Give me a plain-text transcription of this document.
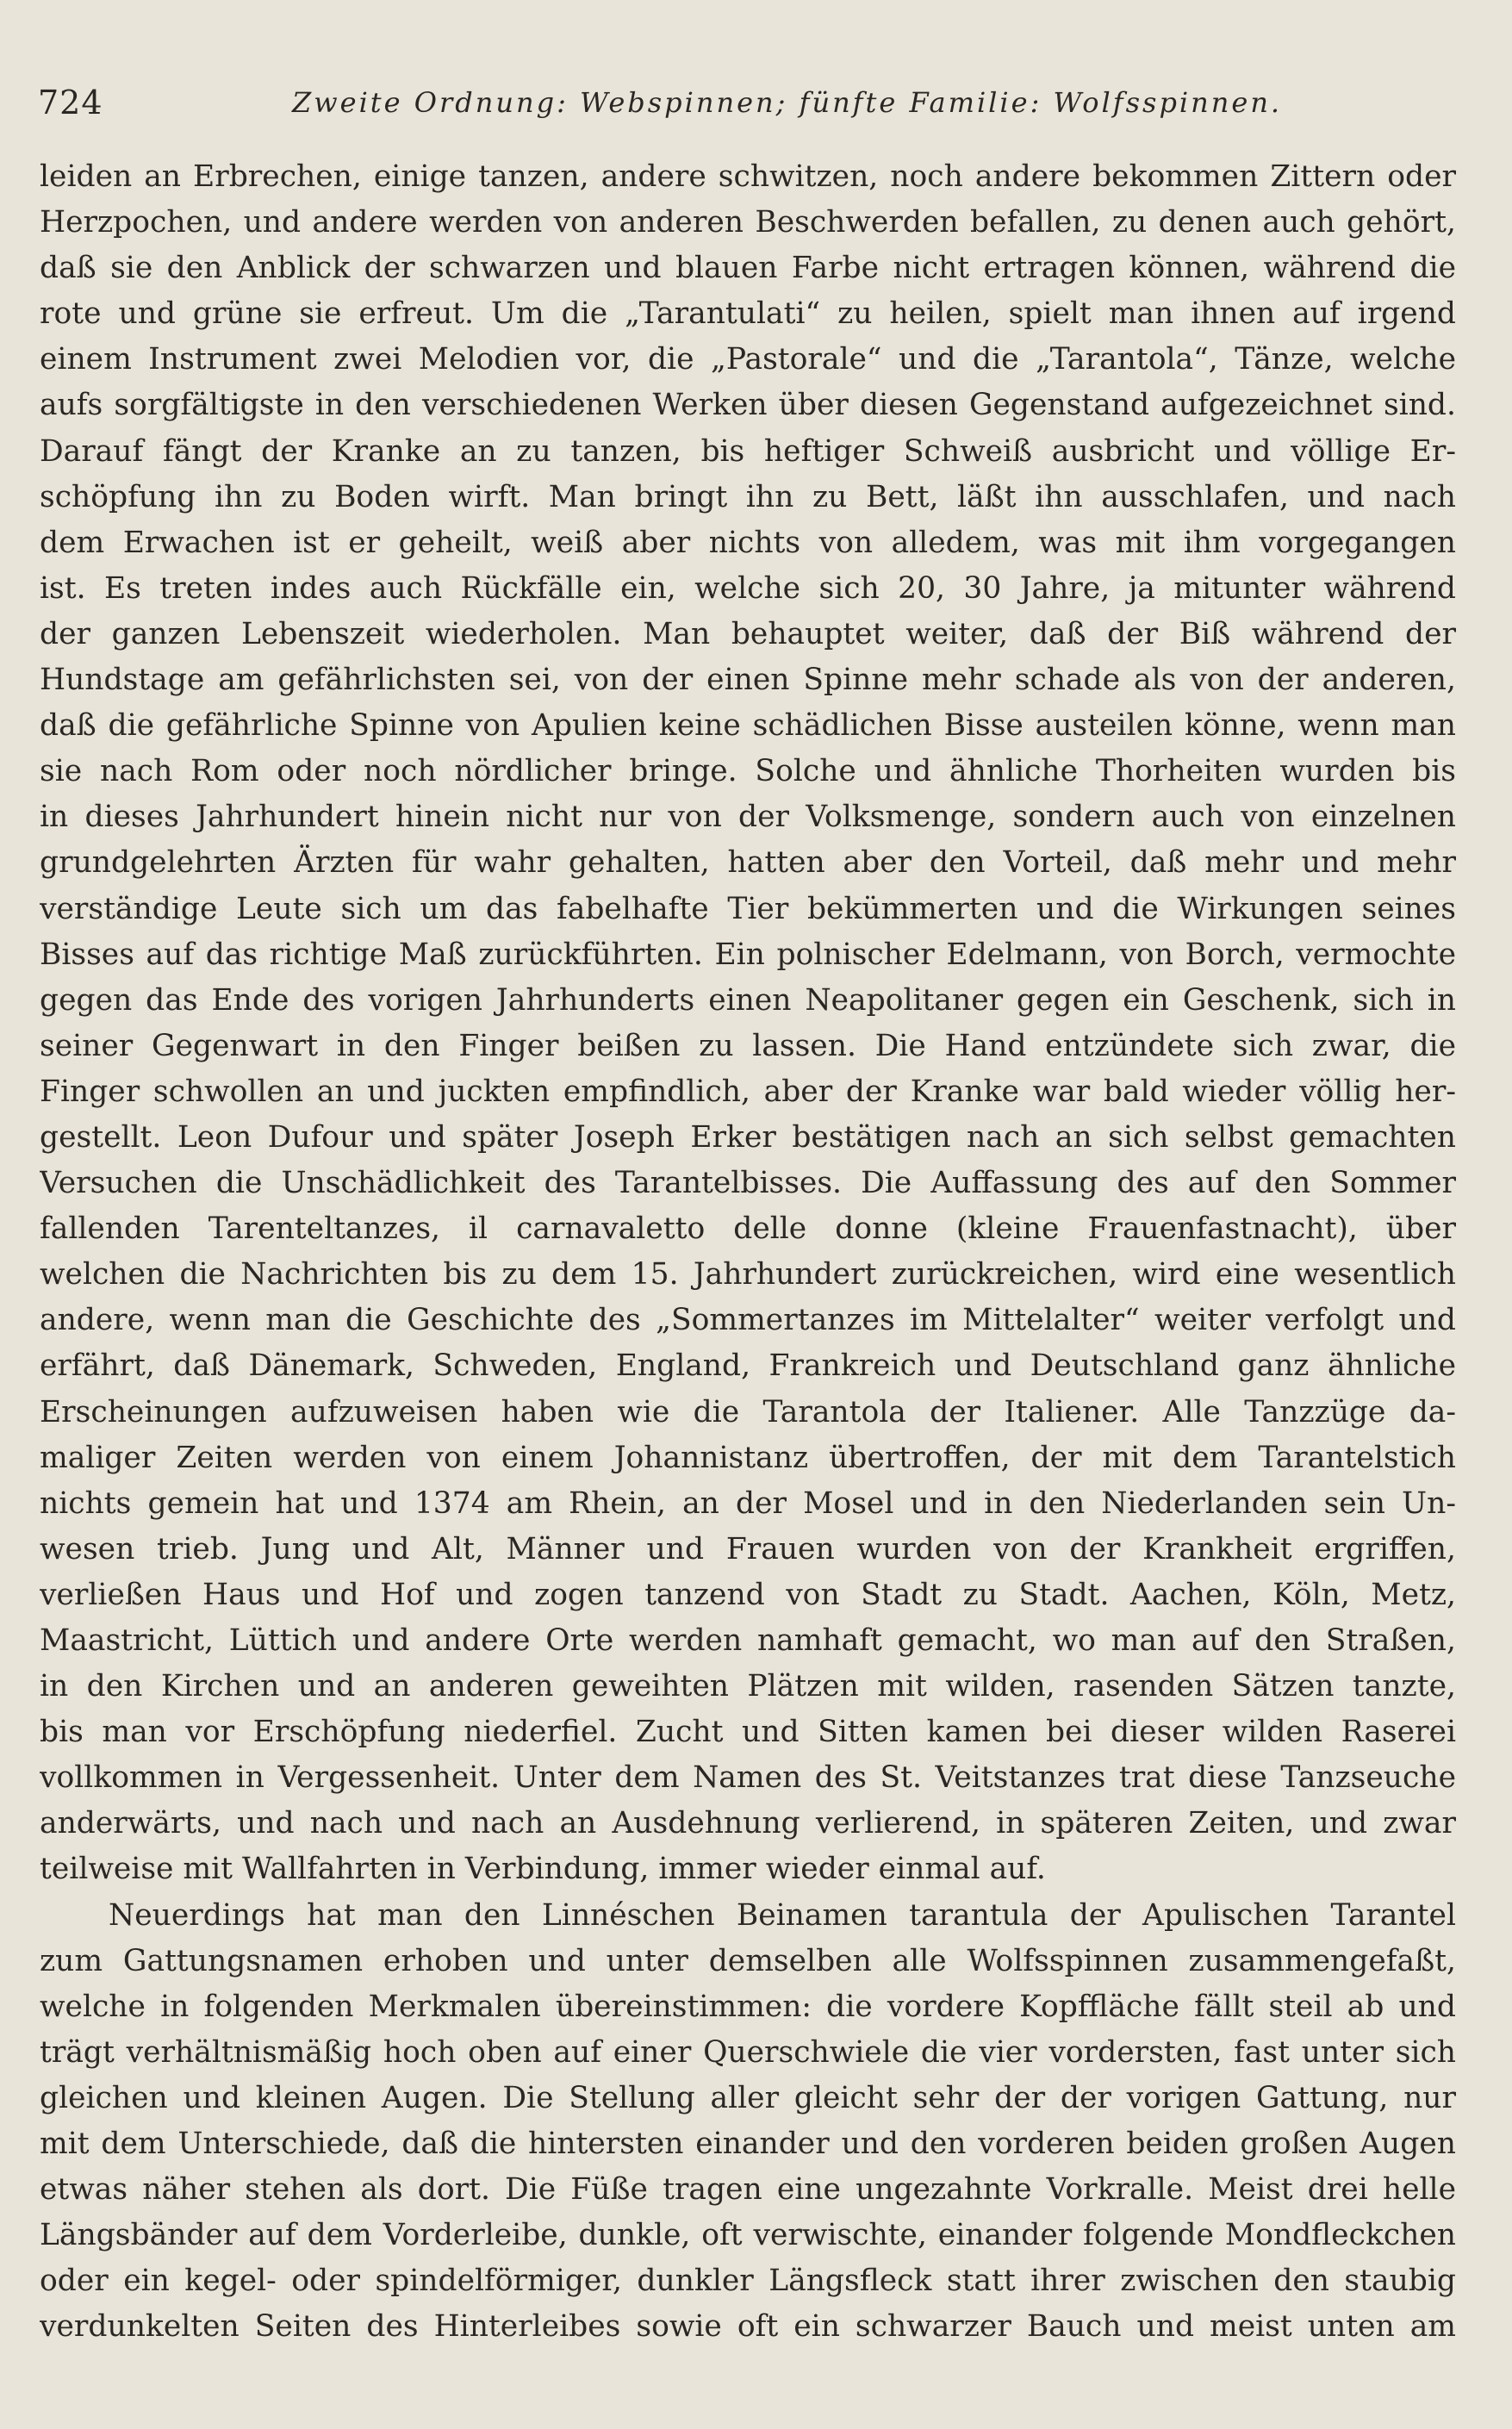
724	Zweite Ordnung: Webspinnen; fünfte Familie: Wolfsspinnen.
leiden an Erbrechen, einige tanzen, andere schwitzen, noch andere bekommen Zittern oder
Herzpochen, und andere werden von anderen Beschwerden befallen, zu denen auch gehört,
daß sie den Anblick der schwarzen und blauen Farbe nicht ertragen können, während die
rote und grüne sie erfreut. Um die „Tarantulati“ zu heilen, spielt man ihnen auf irgend
einem Instrument zwei Melodien vor, die „Pastorale“ und die „Tarantola“, Tänze, welche
aufs sorgfältigste in den verschiedenen Werken über diesen Gegenstand aufgezeichnet sind.
Darauf fängt der Kranke an zu tanzen, bis heftiger Schweiß ausbricht und völlige Er-
schöpfung ihn zu Boden wirft. Man bringt ihn zu Bett, läßt ihn ausschlafen, und nach
dem Erwachen ist er geheilt, weiß aber nichts von alledem, was mit ihm vorgegangen
ist. Es treten indes auch Rückfälle ein, welche sich 20, 30 Jahre, ja mitunter während
der ganzen Lebenszeit wiederholen. Man behauptet weiter, daß der Biß während der
Hundstage am gefährlichsten sei, von der einen Spinne mehr schade als von der anderen,
daß die gefährliche Spinne von Apulien keine schädlichen Bisse austeilen könne, wenn man
sie nach Rom oder noch nördlicher bringe. Solche und ähnliche Thorheiten wurden bis
in dieses Jahrhundert hinein nicht nur von der Volksmenge, sondern auch von einzelnen
grundgelehrten Ärzten für wahr gehalten, hatten aber den Vorteil, daß mehr und mehr
verständige Leute sich um das fabelhafte Tier bekümmerten und die Wirkungen seines
Bisses auf das richtige Maß zurückführten. Ein polnischer Edelmann, von Borch, vermochte
gegen das Ende des vorigen Jahrhunderts einen Neapolitaner gegen ein Geschenk, sich in
seiner Gegenwart in den Finger beißen zu lassen. Die Hand entzündete sich zwar, die
Finger schwollen an und juckten empfindlich, aber der Kranke war bald wieder völlig her-
gestellt. Leon Dufour und später Joseph Erker bestätigen nach an sich selbst gemachten
Versuchen die Unschädlichkeit des Tarantelbisses. Die Auffassung des auf den Sommer
fallenden Tarenteltanzes, il carnavaletto delle donne (kleine Frauenfastnacht), über
welchen die Nachrichten bis zu dem 15. Jahrhundert zurückreichen, wird eine wesentlich
andere, wenn man die Geschichte des „Sommertanzes im Mittelalter“ weiter verfolgt und
erfährt, daß Dänemark, Schweden, England, Frankreich und Deutschland ganz ähnliche
Erscheinungen aufzuweisen haben wie die Tarantola der Italiener. Alle Tanzzüge da-
maliger Zeiten werden von einem Johannistanz übertroffen, der mit dem Tarantelstich
nichts gemein hat und 1374 am Rhein, an der Mosel und in den Niederlanden sein Un-
wesen trieb. Jung und Alt, Männer und Frauen wurden von der Krankheit ergriffen,
verließen Haus und Hof und zogen tanzend von Stadt zu Stadt. Aachen, Köln, Metz,
Maastricht, Lüttich und andere Orte werden namhaft gemacht, wo man auf den Straßen,
in den Kirchen und an anderen geweihten Plätzen mit wilden, rasenden Sätzen tanzte,
bis man vor Erschöpfung niederfiel. Zucht und Sitten kamen bei dieser wilden Raserei
vollkommen in Vergessenheit. Unter dem Namen des St. Veitstanzes trat diese Tanzseuche
anderwärts, und nach und nach an Ausdehnung verlierend, in späteren Zeiten, und zwar
teilweise mit Wallfahrten in Verbindung, immer wieder einmal auf.
Neuerdings hat man den Linnéschen Beinamen tarantula der Apulischen Tarantel
zum Gattungsnamen erhoben und unter demselben alle Wolfsspinnen zusammengefaßt,
welche in folgenden Merkmalen übereinstimmen: die vordere Kopffläche fällt steil ab und
trägt verhältnismäßig hoch oben auf einer Querschwiele die vier vordersten, fast unter sich
gleichen und kleinen Augen. Die Stellung aller gleicht sehr der der vorigen Gattung, nur
mit dem Unterschiede, daß die hintersten einander und den vorderen beiden großen Augen
etwas näher stehen als dort. Die Füße tragen eine ungezahnte Vorkralle. Meist drei helle
Längsbänder auf dem Vorderleibe, dunkle, oft verwischte, einander folgende Mondfleckchen
oder ein kegel- oder spindelförmiger, dunkler Längsfleck statt ihrer zwischen den staubig
verdunkelten Seiten des Hinterleibes sowie oft ein schwarzer Bauch und meist unten am
